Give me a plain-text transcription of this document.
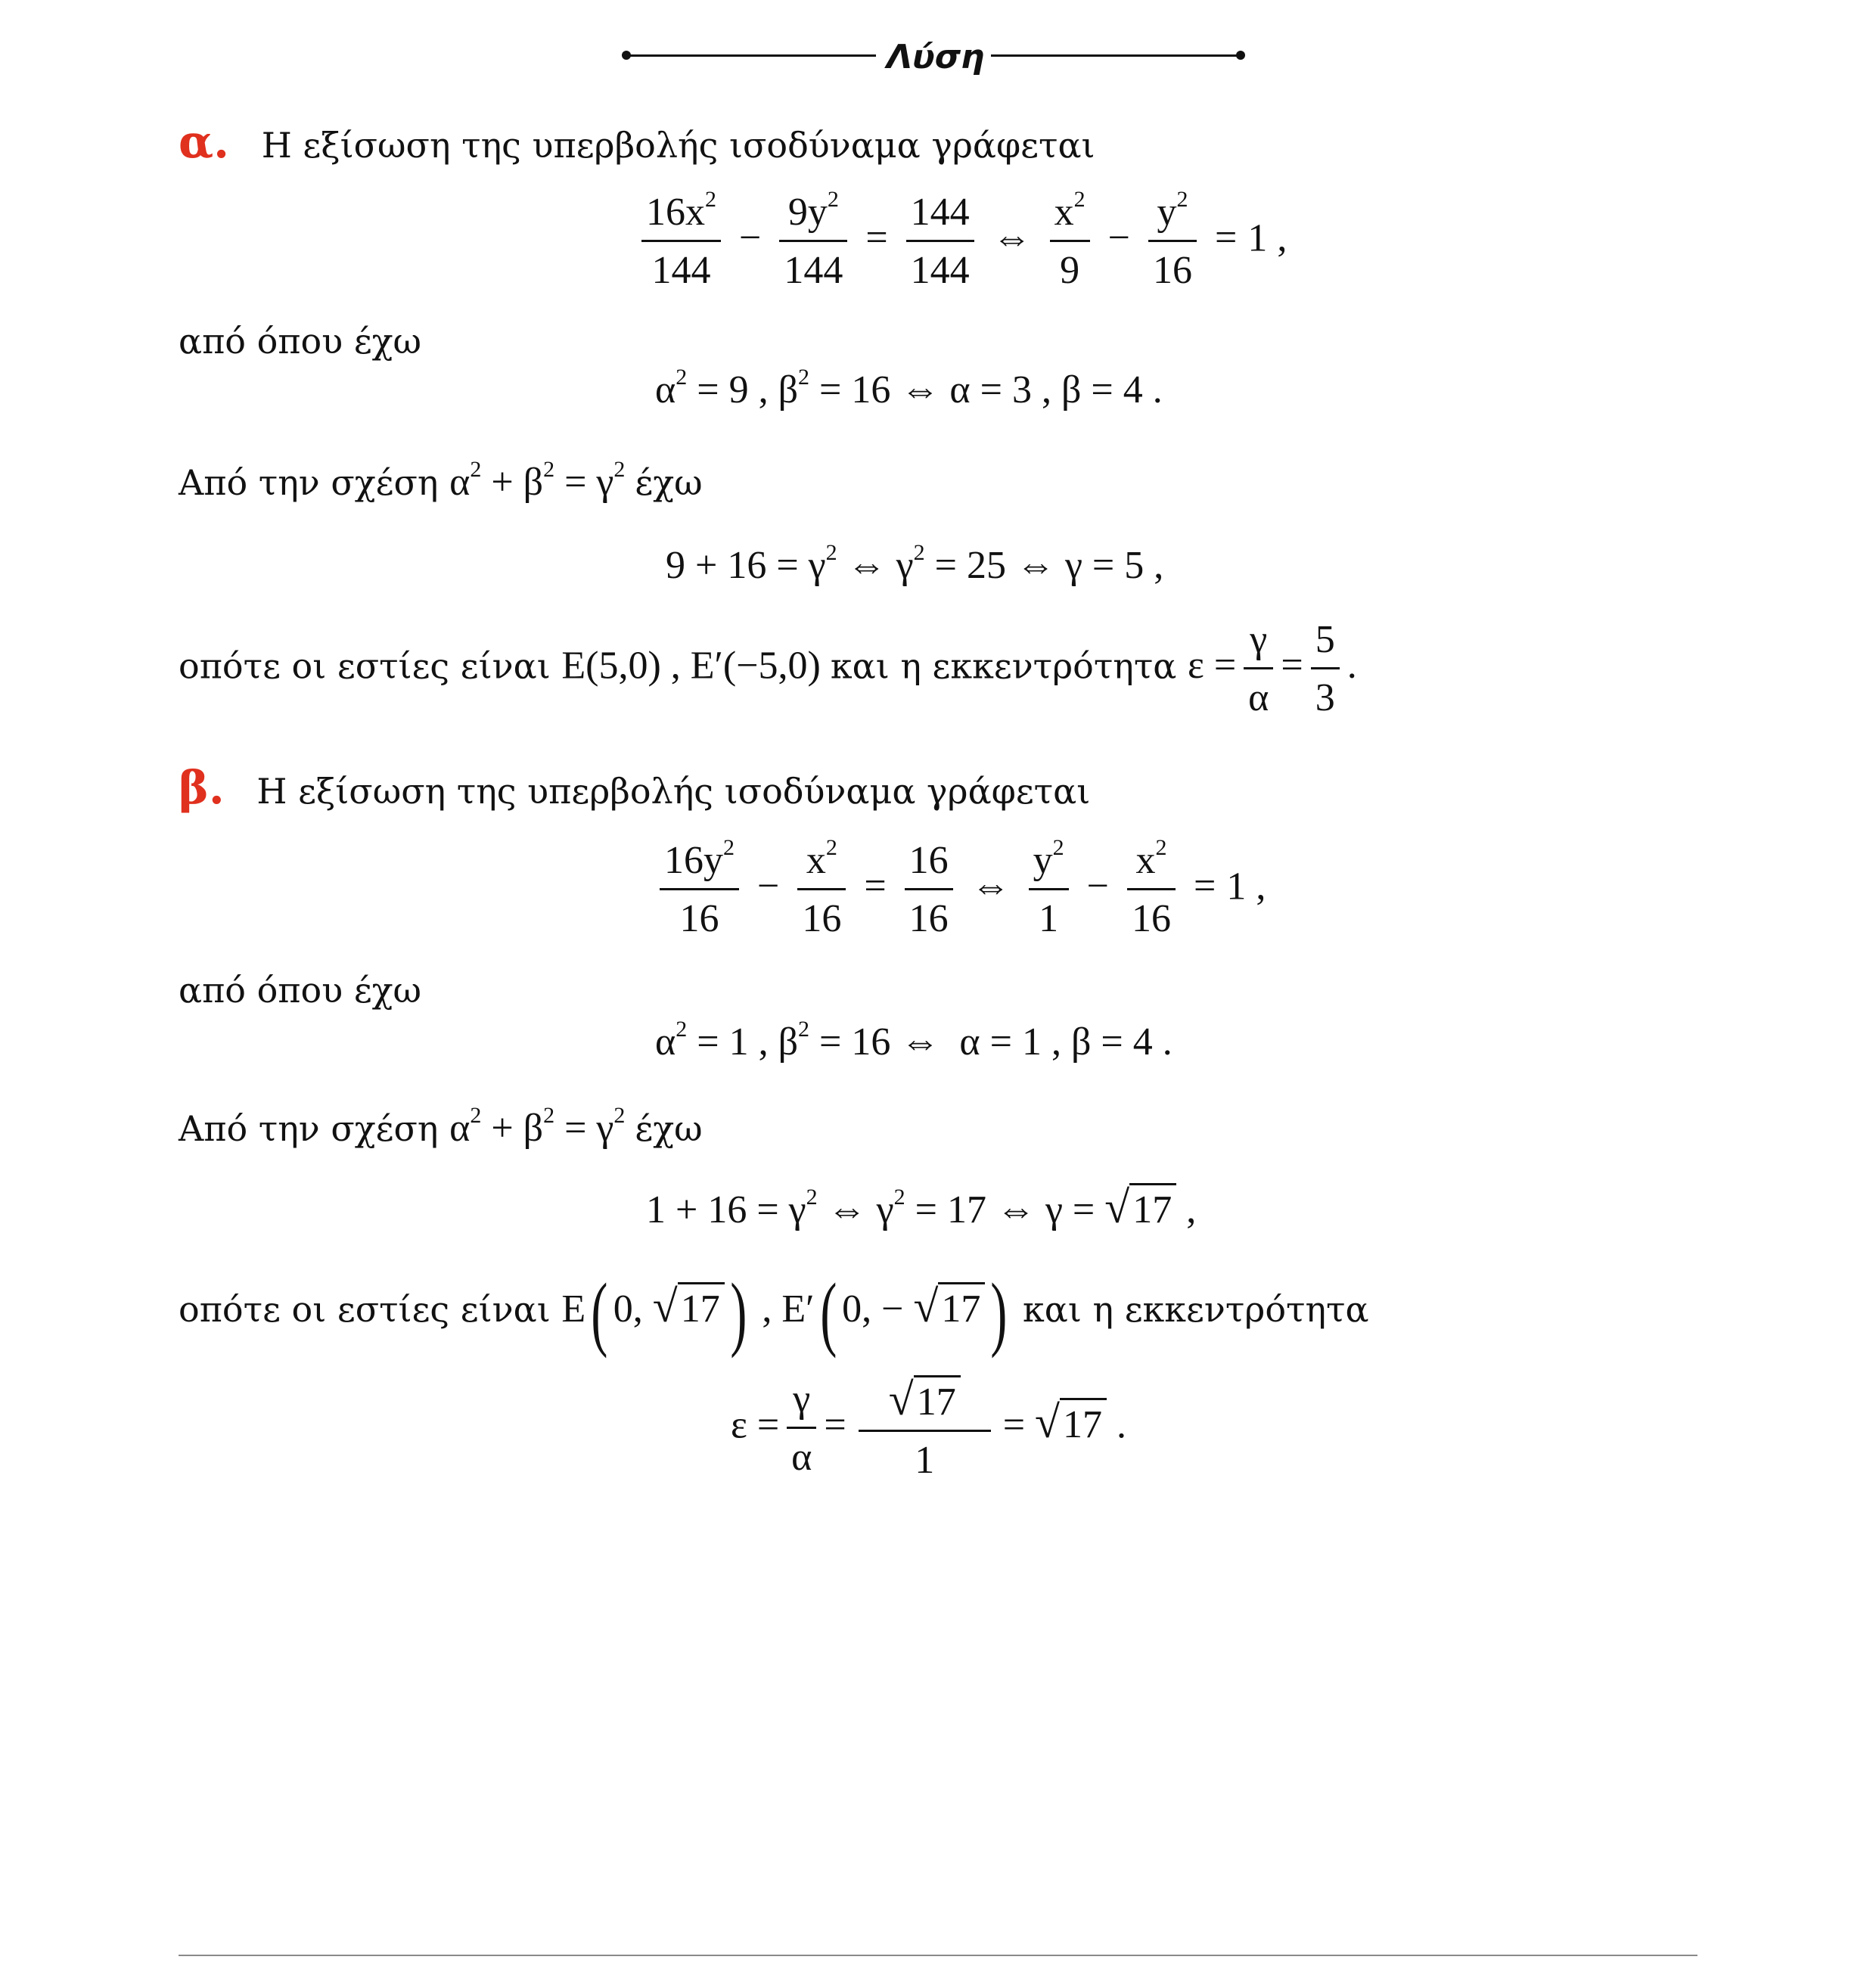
Λύση
α. Η εξίσωση της υπερβολής ισοδύναμα γράφεται
$\frac{16x^2}{144} - \frac{9y^2}{144} = \frac{144}{144}$ ⇔ $\frac{x^2}{9} - \frac{y^2}{16} = 1$ ,
από όπου έχω
$\alpha^2 = 9$ , $\beta^2 = 16$ ⇔ α = 3 , β = 4 .
Από την σχέση $\alpha^2 + \beta^2 = \gamma^2$ έχω
$9 + 16 = \gamma^2$ ⇔ $\gamma^2 = 25$ ⇔ γ = 5 ,
οπότε οι εστίες είναι E(5,0) , E′(−5,0) και η εκκεντρότητα $\varepsilon = \frac{\gamma}{\alpha} = \frac{5}{3}$ .
β. Η εξίσωση της υπερβολής ισοδύναμα γράφεται
$\frac{16y^2}{16} - \frac{x^2}{16} = \frac{16}{16}$ ⇔ $\frac{y^2}{1} - \frac{x^2}{16} = 1$ ,
από όπου έχω
$\alpha^2 = 1$ , $\beta^2 = 16$ ⇔  α = 1 , β = 4 .
Από την σχέση $\alpha^2 + \beta^2 = \gamma^2$ έχω
$1 + 16 = \gamma^2$ ⇔ $\gamma^2 = 17$ ⇔ γ = √17 ,
οπότε οι εστίες είναι E( 0, √17 ) , E′( 0, − √17 ) και η εκκεντρότητα
$\varepsilon = \frac{\gamma}{\alpha} = \frac{√17}{1} = √17$ .
